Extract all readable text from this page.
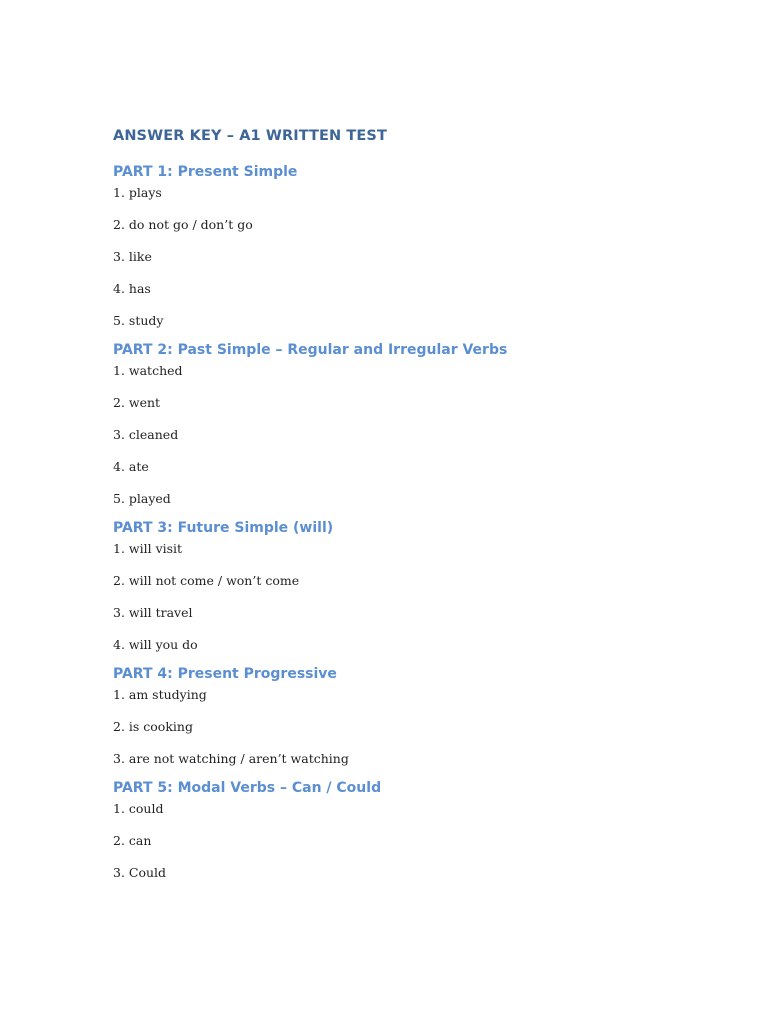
ANSWER KEY – A1 WRITTEN TEST
PART 1: Present Simple
1. plays
2. do not go / don’t go
3. like
4. has
5. study
PART 2: Past Simple – Regular and Irregular Verbs
1. watched
2. went
3. cleaned
4. ate
5. played
PART 3: Future Simple (will)
1. will visit
2. will not come / won’t come
3. will travel
4. will you do
PART 4: Present Progressive
1. am studying
2. is cooking
3. are not watching / aren’t watching
PART 5: Modal Verbs – Can / Could
1. could
2. can
3. Could
